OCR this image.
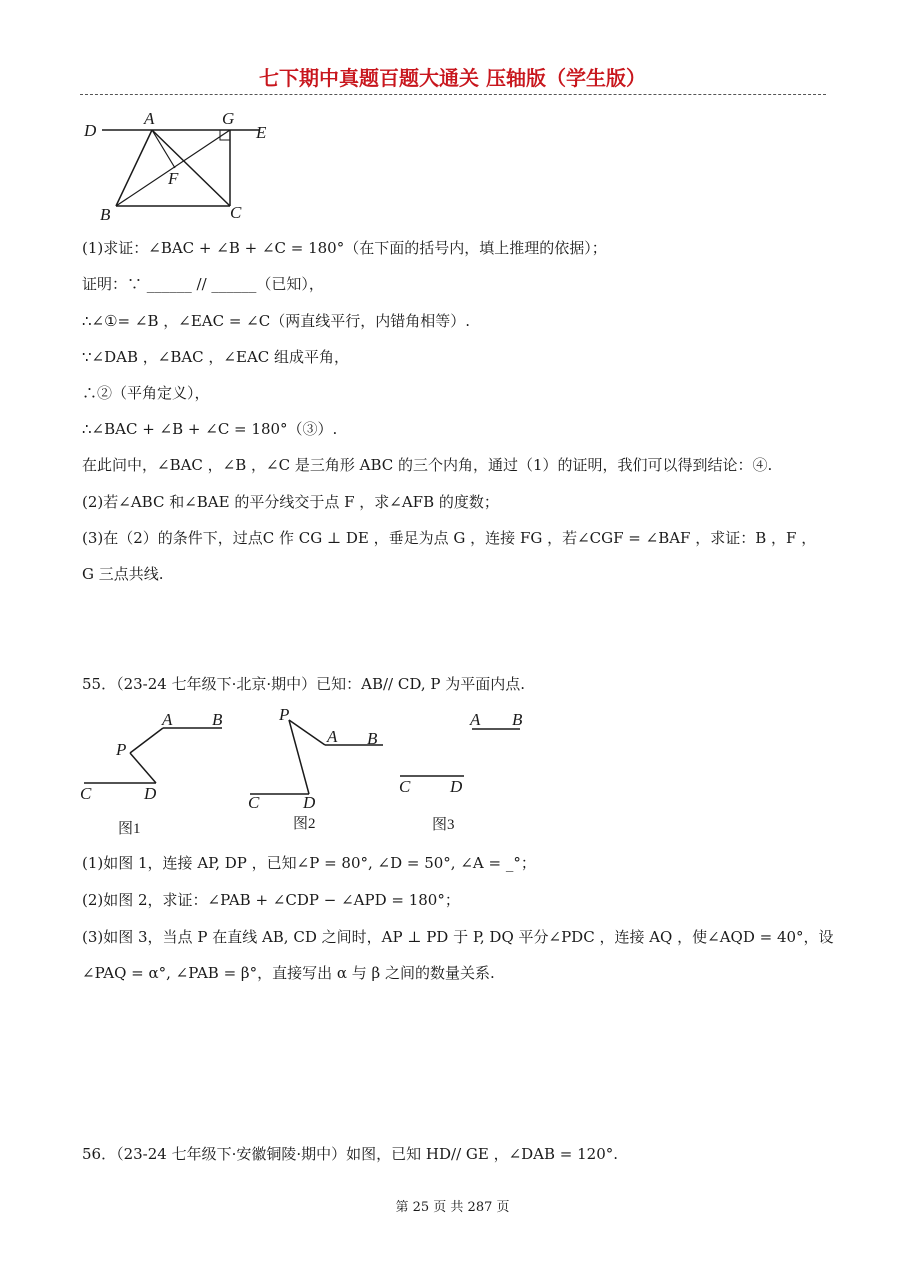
七下期中真题百题大通关 压轴版（学生版）
D
A	G
E
F
B	C
(1)求证：∠BAC + ∠B + ∠C = 180°（在下面的括号内，填上推理的依据）；
证明：∵ ______ // ______（已知），
∴∠①= ∠B ，∠EAC = ∠C（两直线平行，内错角相等）.
∵∠DAB ，∠BAC ，∠EAC 组成平角，
∴②（平角定义），
∴∠BAC + ∠B + ∠C = 180°（③）.
在此问中，∠BAC ，∠B ，∠C 是三角形 ABC 的三个内角，通过（1）的证明，我们可以得到结论：④.
(2)若∠ABC 和∠BAE 的平分线交于点 F ，求∠AFB 的度数；
(3)在（2）的条件下，过点C 作 CG ⊥ DE ，垂足为点 G ，连接 FG ，若∠CGF = ∠BAF ，求证：B ，F ，
G 三点共线.
55．（23-24 七年级下·北京·期中）已知：AB// CD, P 为平面内点.
A B
P
C	D
图1
P
A B
C	D
图2
A B
C D
图3
(1)如图 1，连接 AP, DP ，已知∠P = 80°, ∠D = 50°, ∠A = _°；
(2)如图 2，求证：∠PAB + ∠CDP − ∠APD = 180°；
(3)如图 3，当点 P 在直线 AB, CD 之间时，AP ⊥ PD 于 P, DQ 平分∠PDC ，连接 AQ ，使∠AQD = 40°，设
∠PAQ = α°, ∠PAB = β°，直接写出 α 与 β 之间的数量关系.
56．（23-24 七年级下·安徽铜陵·期中）如图，已知 HD// GE ，∠DAB = 120°.
第 25 页 共 287 页
